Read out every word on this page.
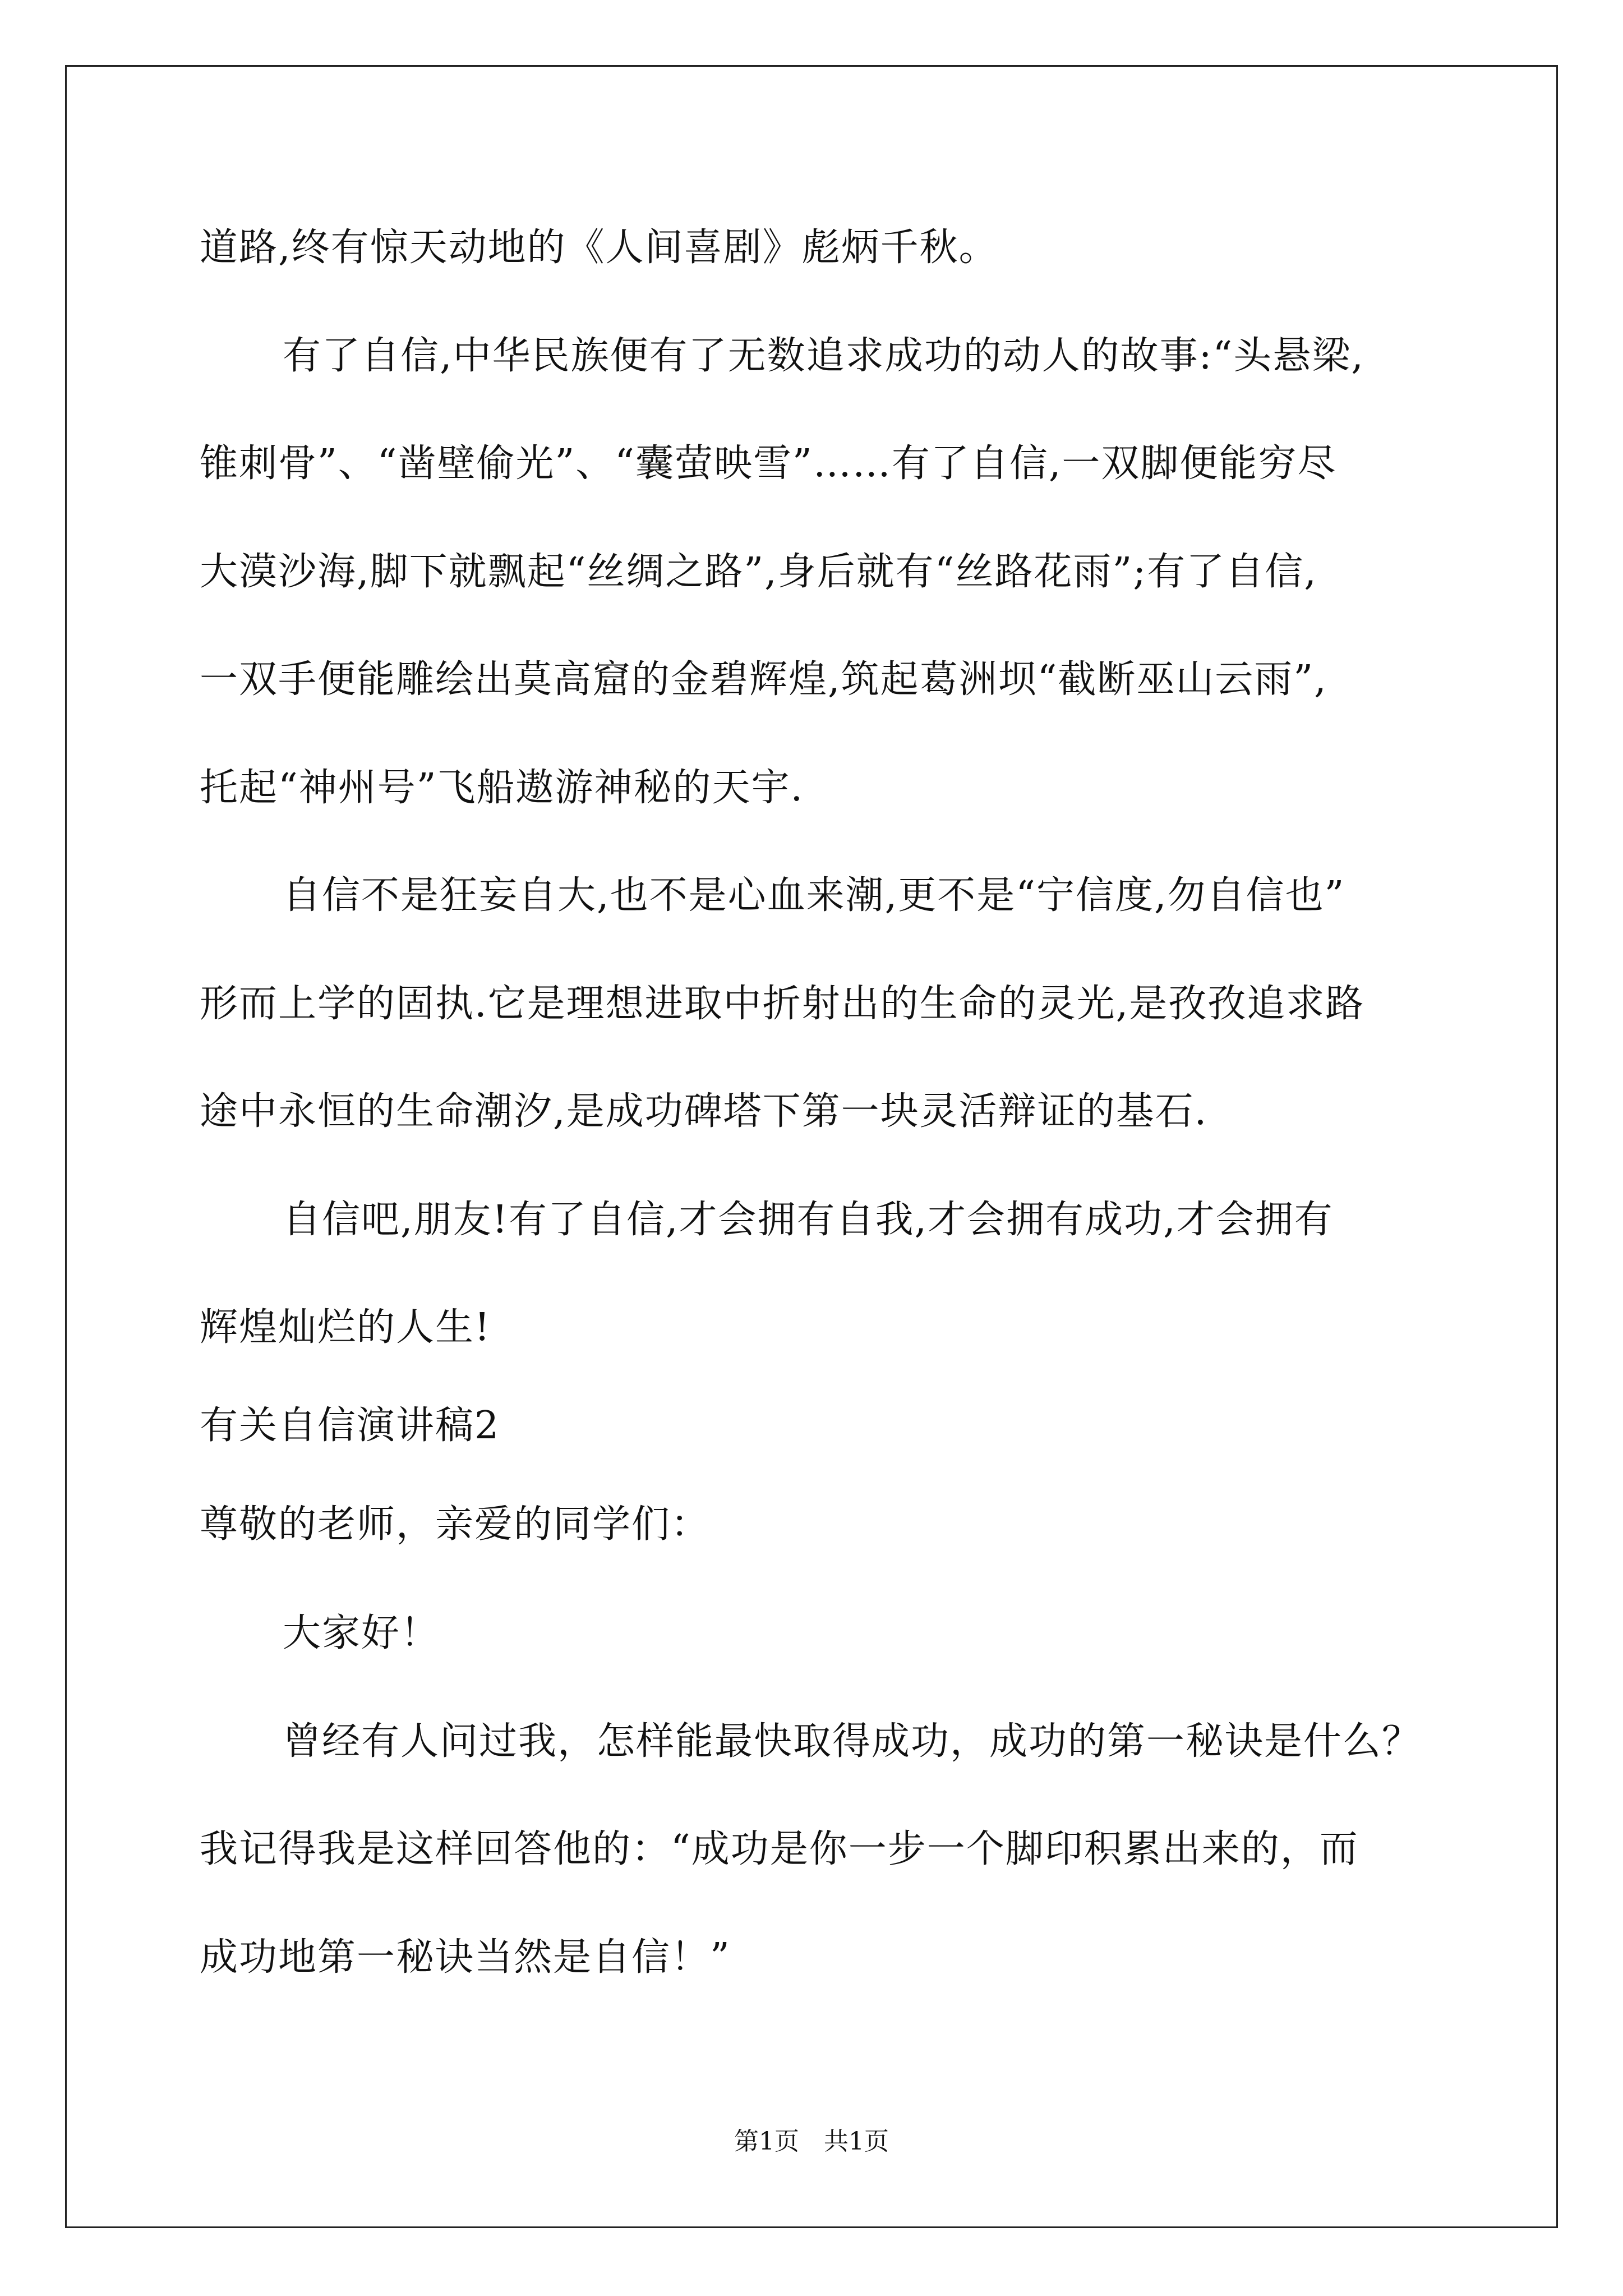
道路,终有惊天动地的《人间喜剧》彪炳千秋。
有了自信,中华民族便有了无数追求成功的动人的故事:“头悬梁,
锥刺骨”、“凿壁偷光”、“囊萤映雪”……有了自信,一双脚便能穷尽
大漠沙海,脚下就飘起“丝绸之路”,身后就有“丝路花雨”;有了自信,
一双手便能雕绘出莫高窟的金碧辉煌,筑起葛洲坝“截断巫山云雨”,
托起“神州号”飞船遨游神秘的天宇.
自信不是狂妄自大,也不是心血来潮,更不是“宁信度,勿自信也”
形而上学的固执.它是理想进取中折射出的生命的灵光,是孜孜追求路
途中永恒的生命潮汐,是成功碑塔下第一块灵活辩证的基石.
自信吧,朋友!有了自信,才会拥有自我,才会拥有成功,才会拥有
辉煌灿烂的人生!
有关自信演讲稿2
尊敬的老师，亲爱的同学们：
大家好！
曾经有人问过我，怎样能最快取得成功，成功的第一秘诀是什么？
我记得我是这样回答他的：“成功是你一步一个脚印积累出来的，而
成功地第一秘诀当然是自信！”
第1页　共1页
